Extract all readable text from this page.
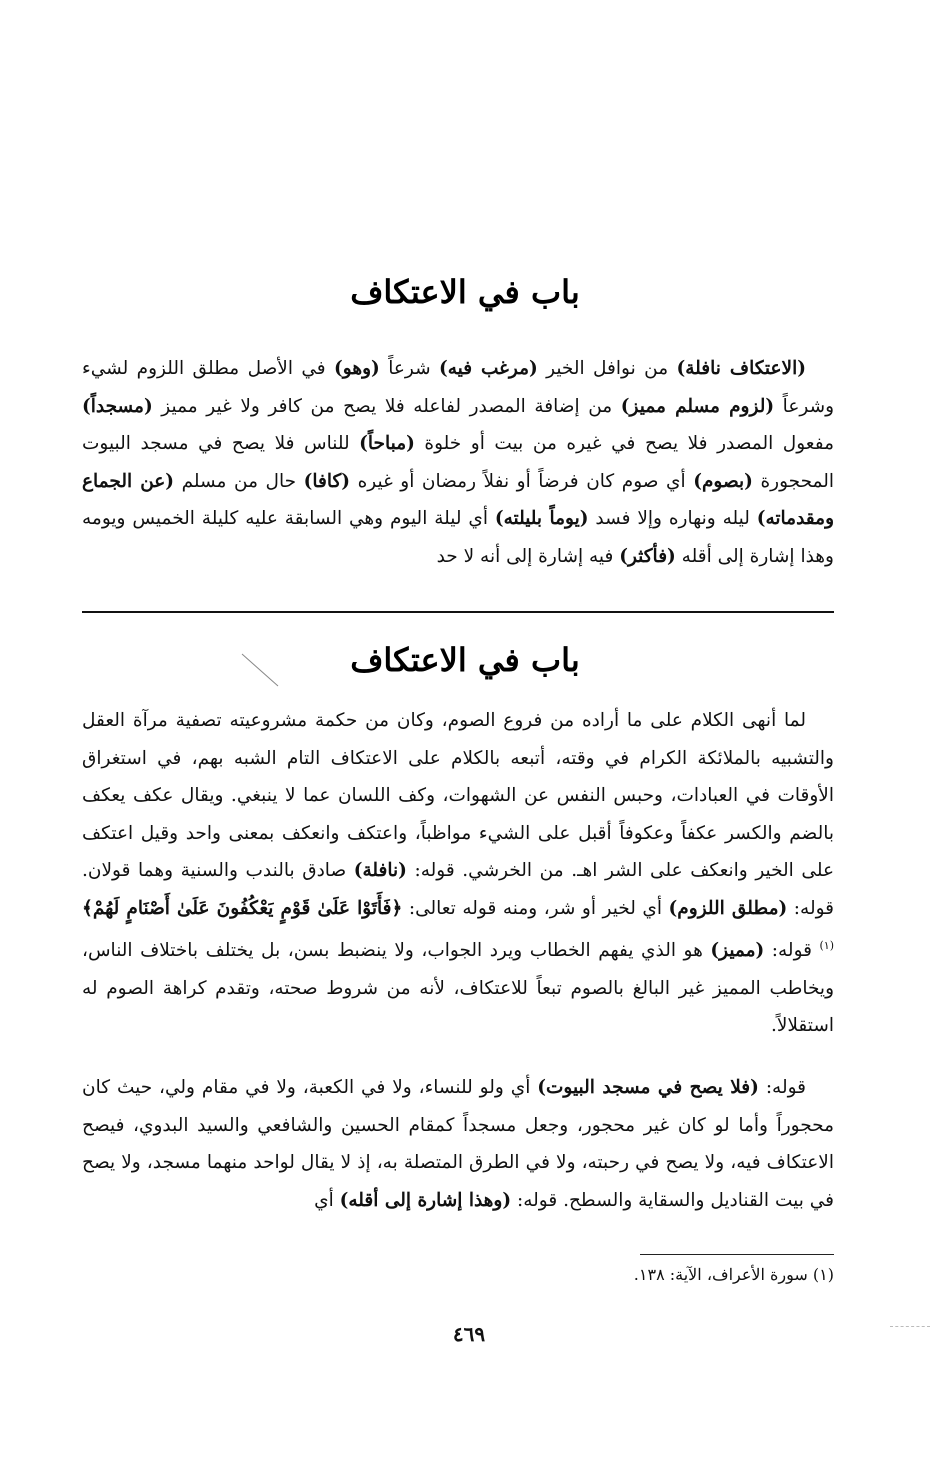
باب في الاعتكاف

(الاعتكاف نافلة) من نوافل الخير (مرغب فيه) شرعاً (وهو) في الأصل مطلق اللزوم لشيء وشرعاً (لزوم مسلم مميز) من إضافة المصدر لفاعله فلا يصح من كافر ولا غير مميز (مسجداً) مفعول المصدر فلا يصح في غيره من بيت أو خلوة (مباحاً) للناس فلا يصح في مسجد البيوت المحجورة (بصوم) أي صوم كان فرضاً أو نفلاً رمضان أو غيره (كافا) حال من مسلم (عن الجماع ومقدماته) ليله ونهاره وإلا فسد (يوماً بليلته) أي ليلة اليوم وهي السابقة عليه كليلة الخميس ويومه وهذا إشارة إلى أقله (فأكثر) فيه إشارة إلى أنه لا حد

باب في الاعتكاف

لما أنهى الكلام على ما أراده من فروع الصوم، وكان من حكمة مشروعيته تصفية مرآة العقل والتشبيه بالملائكة الكرام في وقته، أتبعه بالكلام على الاعتكاف التام الشبه بهم، في استغراق الأوقات في العبادات، وحبس النفس عن الشهوات، وكف اللسان عما لا ينبغي. ويقال عكف يعكف بالضم والكسر عكفاً وعكوفاً أقبل على الشيء مواظباً، واعتكف وانعكف بمعنى واحد وقيل اعتكف على الخير وانعكف على الشر اهـ. من الخرشي. قوله: (نافلة) صادق بالندب والسنية وهما قولان. قوله: (مطلق اللزوم) أي لخير أو شر، ومنه قوله تعالى: ﴿فَأَتَوْا عَلَىٰ قَوْمٍ يَعْكُفُونَ عَلَىٰ أَصْنَامٍ لَهُمْ﴾$^{(١)}$ قوله: (مميز) هو الذي يفهم الخطاب ويرد الجواب، ولا ينضبط بسن، بل يختلف باختلاف الناس، ويخاطب المميز غير البالغ بالصوم تبعاً للاعتكاف، لأنه من شروط صحته، وتقدم كراهة الصوم له استقلالاً.

قوله: (فلا يصح في مسجد البيوت) أي ولو للنساء، ولا في الكعبة، ولا في مقام ولي، حيث كان محجوراً وأما لو كان غير محجور، وجعل مسجداً كمقام الحسين والشافعي والسيد البدوي، فيصح الاعتكاف فيه، ولا يصح في رحبته، ولا في الطرق المتصلة به، إذ لا يقال لواحد منهما مسجد، ولا يصح في بيت القناديل والسقاية والسطح. قوله: (وهذا إشارة إلى أقله) أي

(١) سورة الأعراف، الآية: ١٣٨.
٤٦٩
